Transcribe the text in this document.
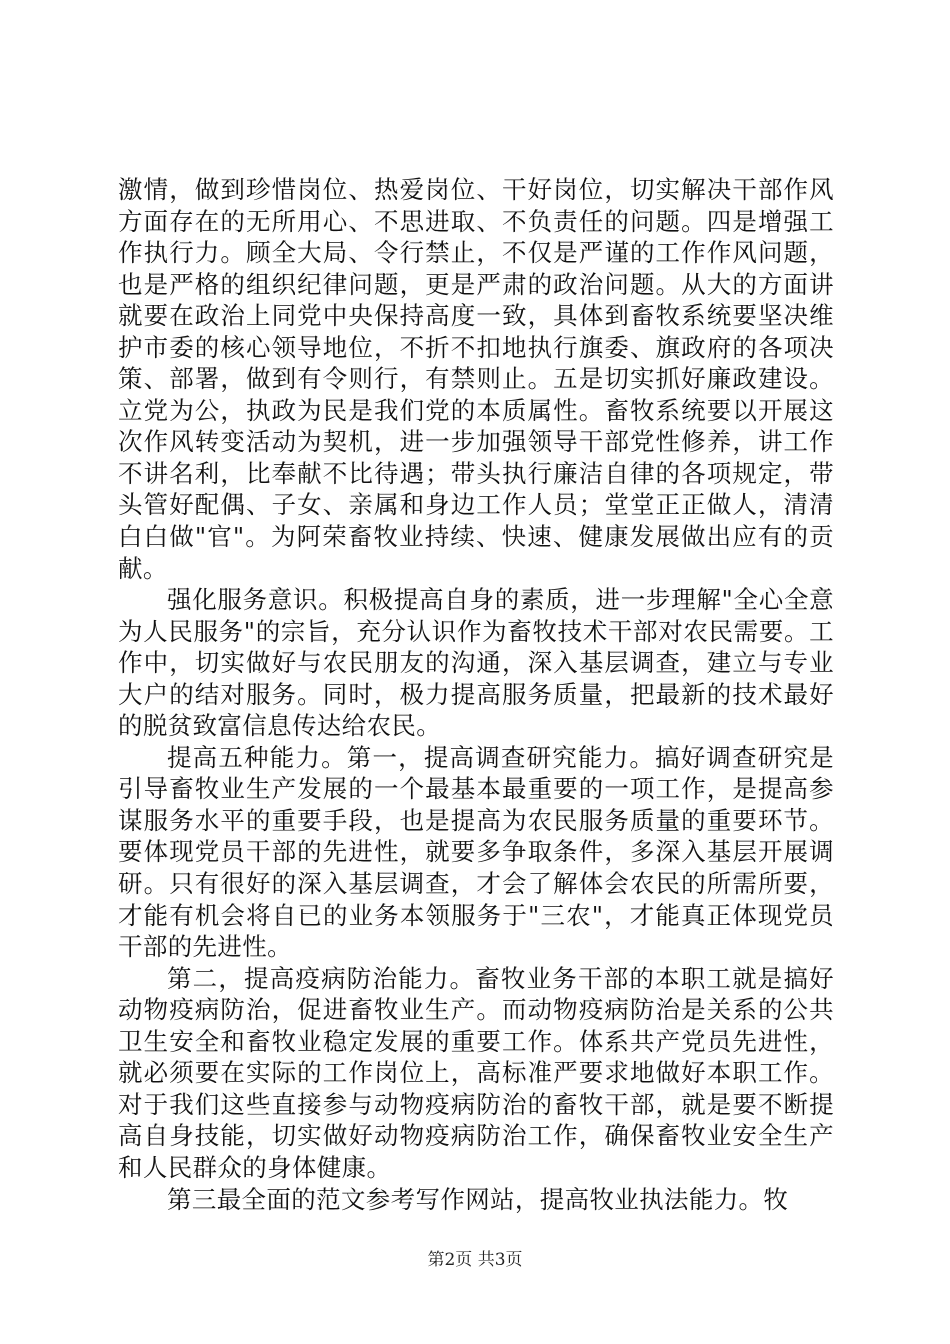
激情，做到珍惜岗位、热爱岗位、干好岗位，切实解决干部作风方面存在的无所用心、不思进取、不负责任的问题。四是增强工作执行力。顾全大局、令行禁止，不仅是严谨的工作作风问题，也是严格的组织纪律问题，更是严肃的政治问题。从大的方面讲就要在政治上同党中央保持高度一致，具体到畜牧系统要坚决维护市委的核心领导地位，不折不扣地执行旗委、旗政府的各项决策、部署，做到有令则行，有禁则止。五是切实抓好廉政建设。立党为公，执政为民是我们党的本质属性。畜牧系统要以开展这次作风转变活动为契机，进一步加强领导干部党性修养，讲工作不讲名利，比奉献不比待遇；带头执行廉洁自律的各项规定，带头管好配偶、子女、亲属和身边工作人员；堂堂正正做人，清清白白做"官"。为阿荣畜牧业持续、快速、健康发展做出应有的贡献。

强化服务意识。积极提高自身的素质，进一步理解"全心全意为人民服务"的宗旨，充分认识作为畜牧技术干部对农民需要。工作中，切实做好与农民朋友的沟通，深入基层调查，建立与专业大户的结对服务。同时，极力提高服务质量，把最新的技术最好的脱贫致富信息传达给农民。

提高五种能力。第一，提高调查研究能力。搞好调查研究是引导畜牧业生产发展的一个最基本最重要的一项工作，是提高参谋服务水平的重要手段，也是提高为农民服务质量的重要环节。要体现党员干部的先进性，就要多争取条件，多深入基层开展调研。只有很好的深入基层调查，才会了解体会农民的所需所要，才能有机会将自已的业务本领服务于"三农"，才能真正体现党员干部的先进性。

第二，提高疫病防治能力。畜牧业务干部的本职工就是搞好动物疫病防治，促进畜牧业生产。而动物疫病防治是关系的公共卫生安全和畜牧业稳定发展的重要工作。体系共产党员先进性，就必须要在实际的工作岗位上，高标准严要求地做好本职工作。对于我们这些直接参与动物疫病防治的畜牧干部，就是要不断提高自身技能，切实做好动物疫病防治工作，确保畜牧业安全生产和人民群众的身体健康。

第三最全面的范文参考写作网站，提高牧业执法能力。牧

第2页 共3页
